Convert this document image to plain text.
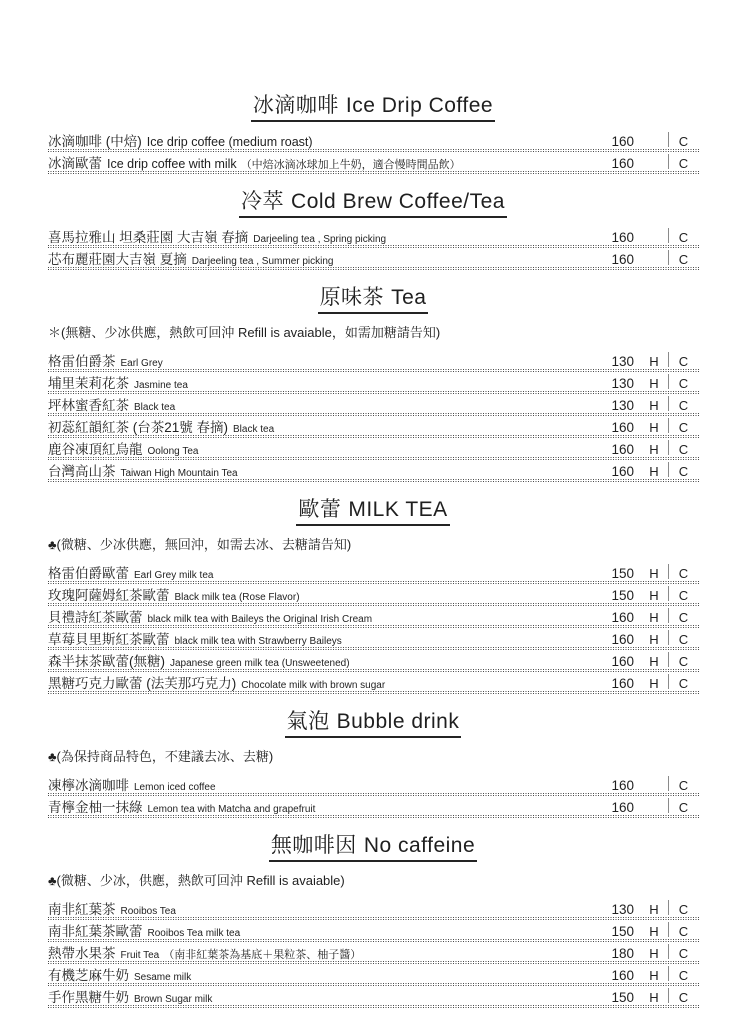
冰滴咖啡 Ice Drip Coffee
冰滴咖啡 (中焙) Ice drip coffee (medium roast)	160	C
冰滴歐蕾 Ice drip coffee with milk （中焙冰滴冰球加上牛奶，適合慢時間品飲）	160	C
冷萃 Cold Brew Coffee/Tea
喜馬拉雅山 坦桑莊園 大吉嶺 春摘 Darjeeling tea , Spring picking	160	C
芯布麗莊園大吉嶺 夏摘 Darjeeling tea , Summer picking	160	C
原味茶 Tea
＊(無糖、少冰供應，熱飲可回沖 Refill is avaiable，如需加糖請告知)
格雷伯爵茶 Earl Grey	130	H	C
埔里茉莉花茶 Jasmine tea	130	H	C
坪林蜜香紅茶 Black tea	130	H	C
初蕊紅韻紅茶 (台茶21號 春摘) Black tea	160	H	C
鹿谷凍頂紅烏龍 Oolong Tea	160	H	C
台灣高山茶 Taiwan High Mountain Tea	160	H	C
歐蕾 MILK TEA
♣(微糖、少冰供應，無回沖，如需去冰、去糖請告知)
格雷伯爵歐蕾 Earl Grey milk tea	150	H	C
玫瑰阿薩姆紅茶歐蕾 Black milk tea (Rose Flavor)	150	H	C
貝禮詩紅茶歐蕾 black milk tea with Baileys the Original Irish Cream	160	H	C
草莓貝里斯紅茶歐蕾 black milk tea with Strawberry Baileys	160	H	C
森半抹茶歐蕾(無糖) Japanese green milk tea (Unsweetened)	160	H	C
黑糖巧克力歐蕾 (法芙那巧克力) Chocolate milk with brown sugar	160	H	C
氣泡 Bubble drink
♣(為保持商品特色，不建議去冰、去糖)
凍檸冰滴咖啡 Lemon iced coffee	160	C
青檸金柚一抹綠 Lemon tea with Matcha and grapefruit	160	C
無咖啡因 No caffeine
♣(微糖、少冰，供應，熱飲可回沖 Refill is avaiable)
南非紅葉茶 Rooibos Tea	130	H	C
南非紅葉茶歐蕾 Rooibos Tea milk tea	150	H	C
熱帶水果茶 Fruit Tea （南非紅葉茶為基底＋果粒茶、柚子醬）	180	H	C
有機芝麻牛奶 Sesame milk	160	H	C
手作黑糖牛奶 Brown Sugar milk	150	H	C
